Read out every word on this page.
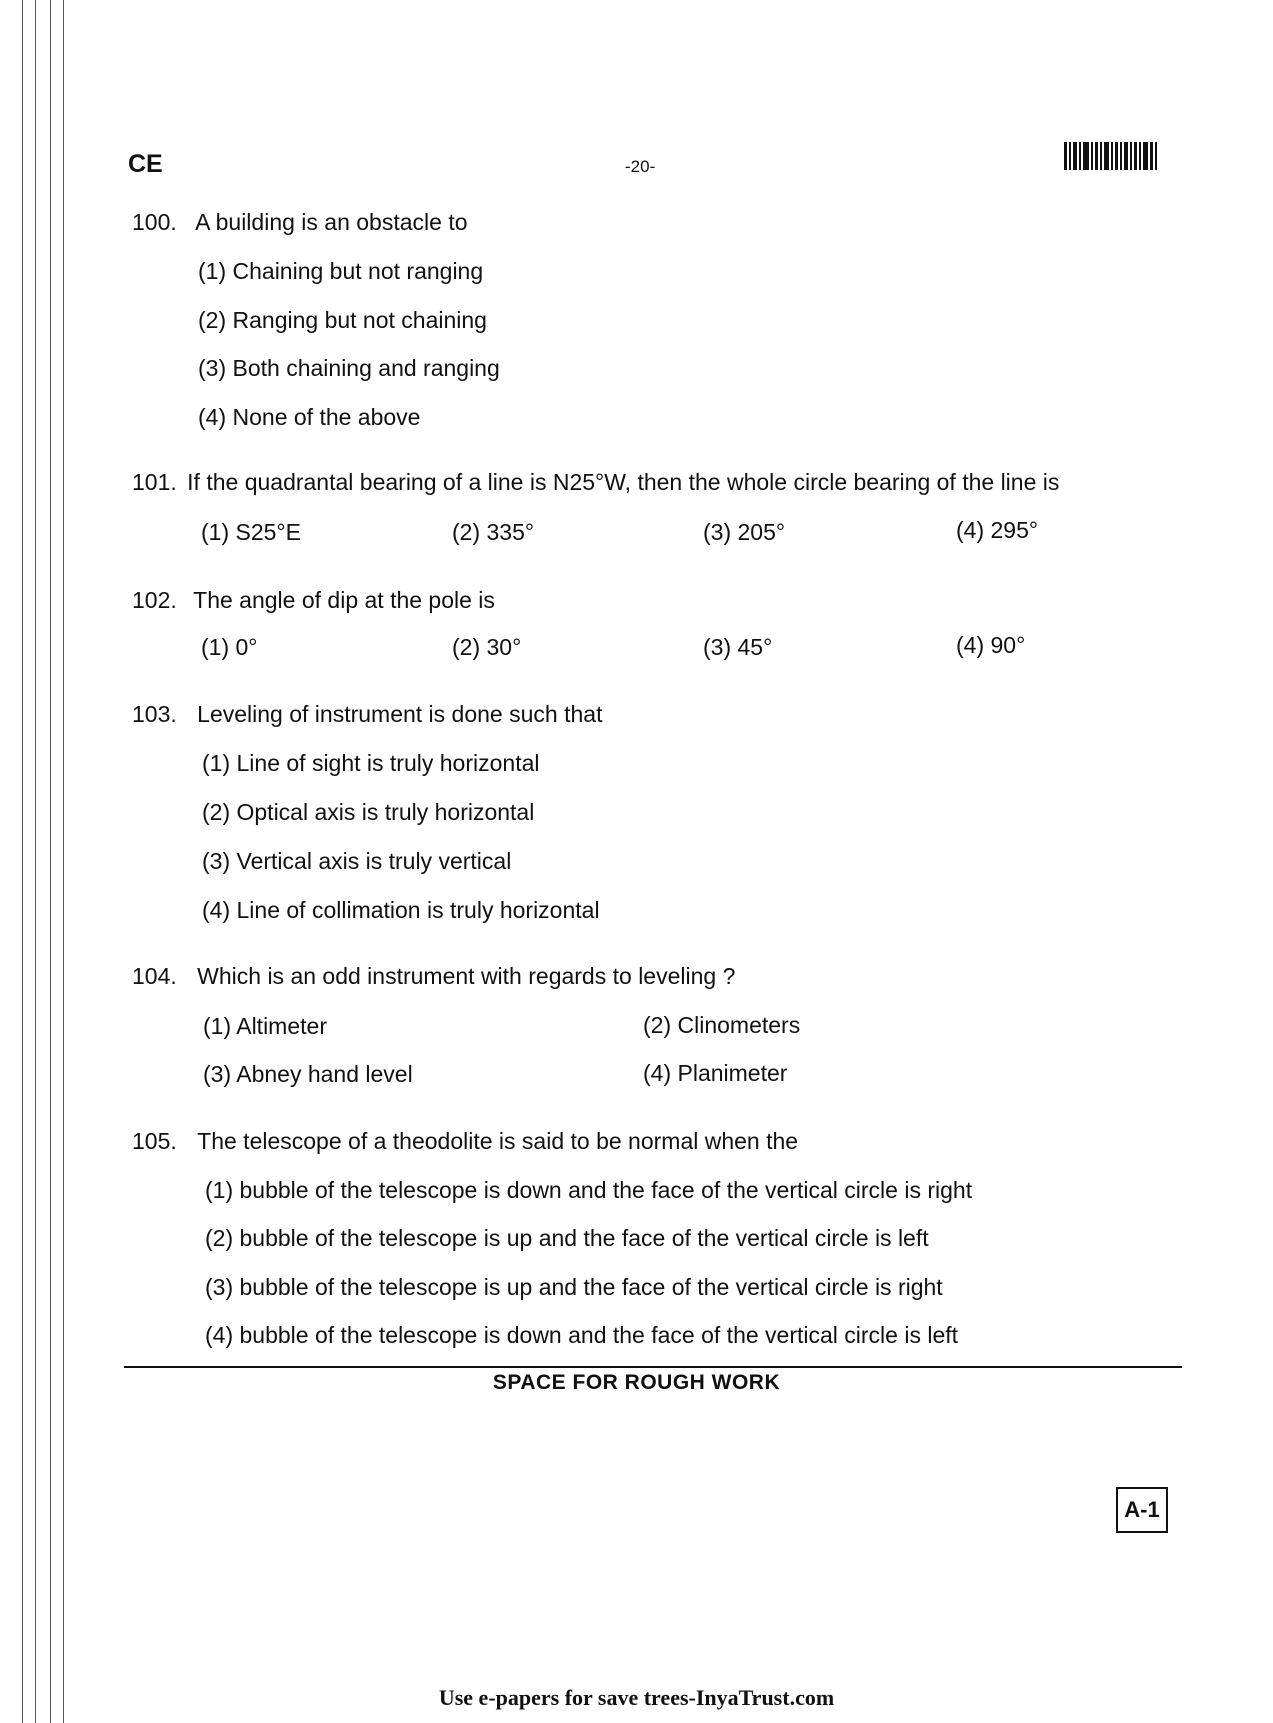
CE	-20-
100. A building is an obstacle to
(1) Chaining but not ranging
(2) Ranging but not chaining
(3) Both chaining and ranging
(4) None of the above
101. If the quadrantal bearing of a line is N25°W, then the whole circle bearing of the line is
(1) S25°E	(2) 335°	(3) 205°	(4) 295°
102. The angle of dip at the pole is
(1) 0°	(2) 30°	(3) 45°	(4) 90°
103. Leveling of instrument is done such that
(1) Line of sight is truly horizontal
(2) Optical axis is truly horizontal
(3) Vertical axis is truly vertical
(4) Line of collimation is truly horizontal
104. Which is an odd instrument with regards to leveling ?
(1) Altimeter	(2) Clinometers
(3) Abney hand level	(4) Planimeter
105. The telescope of a theodolite is said to be normal when the
(1) bubble of the telescope is down and the face of the vertical circle is right
(2) bubble of the telescope is up and the face of the vertical circle is left
(3) bubble of the telescope is up and the face of the vertical circle is right
(4) bubble of the telescope is down and the face of the vertical circle is left
SPACE FOR ROUGH WORK
A-1
Use e-papers for save trees-InyaTrust.com
